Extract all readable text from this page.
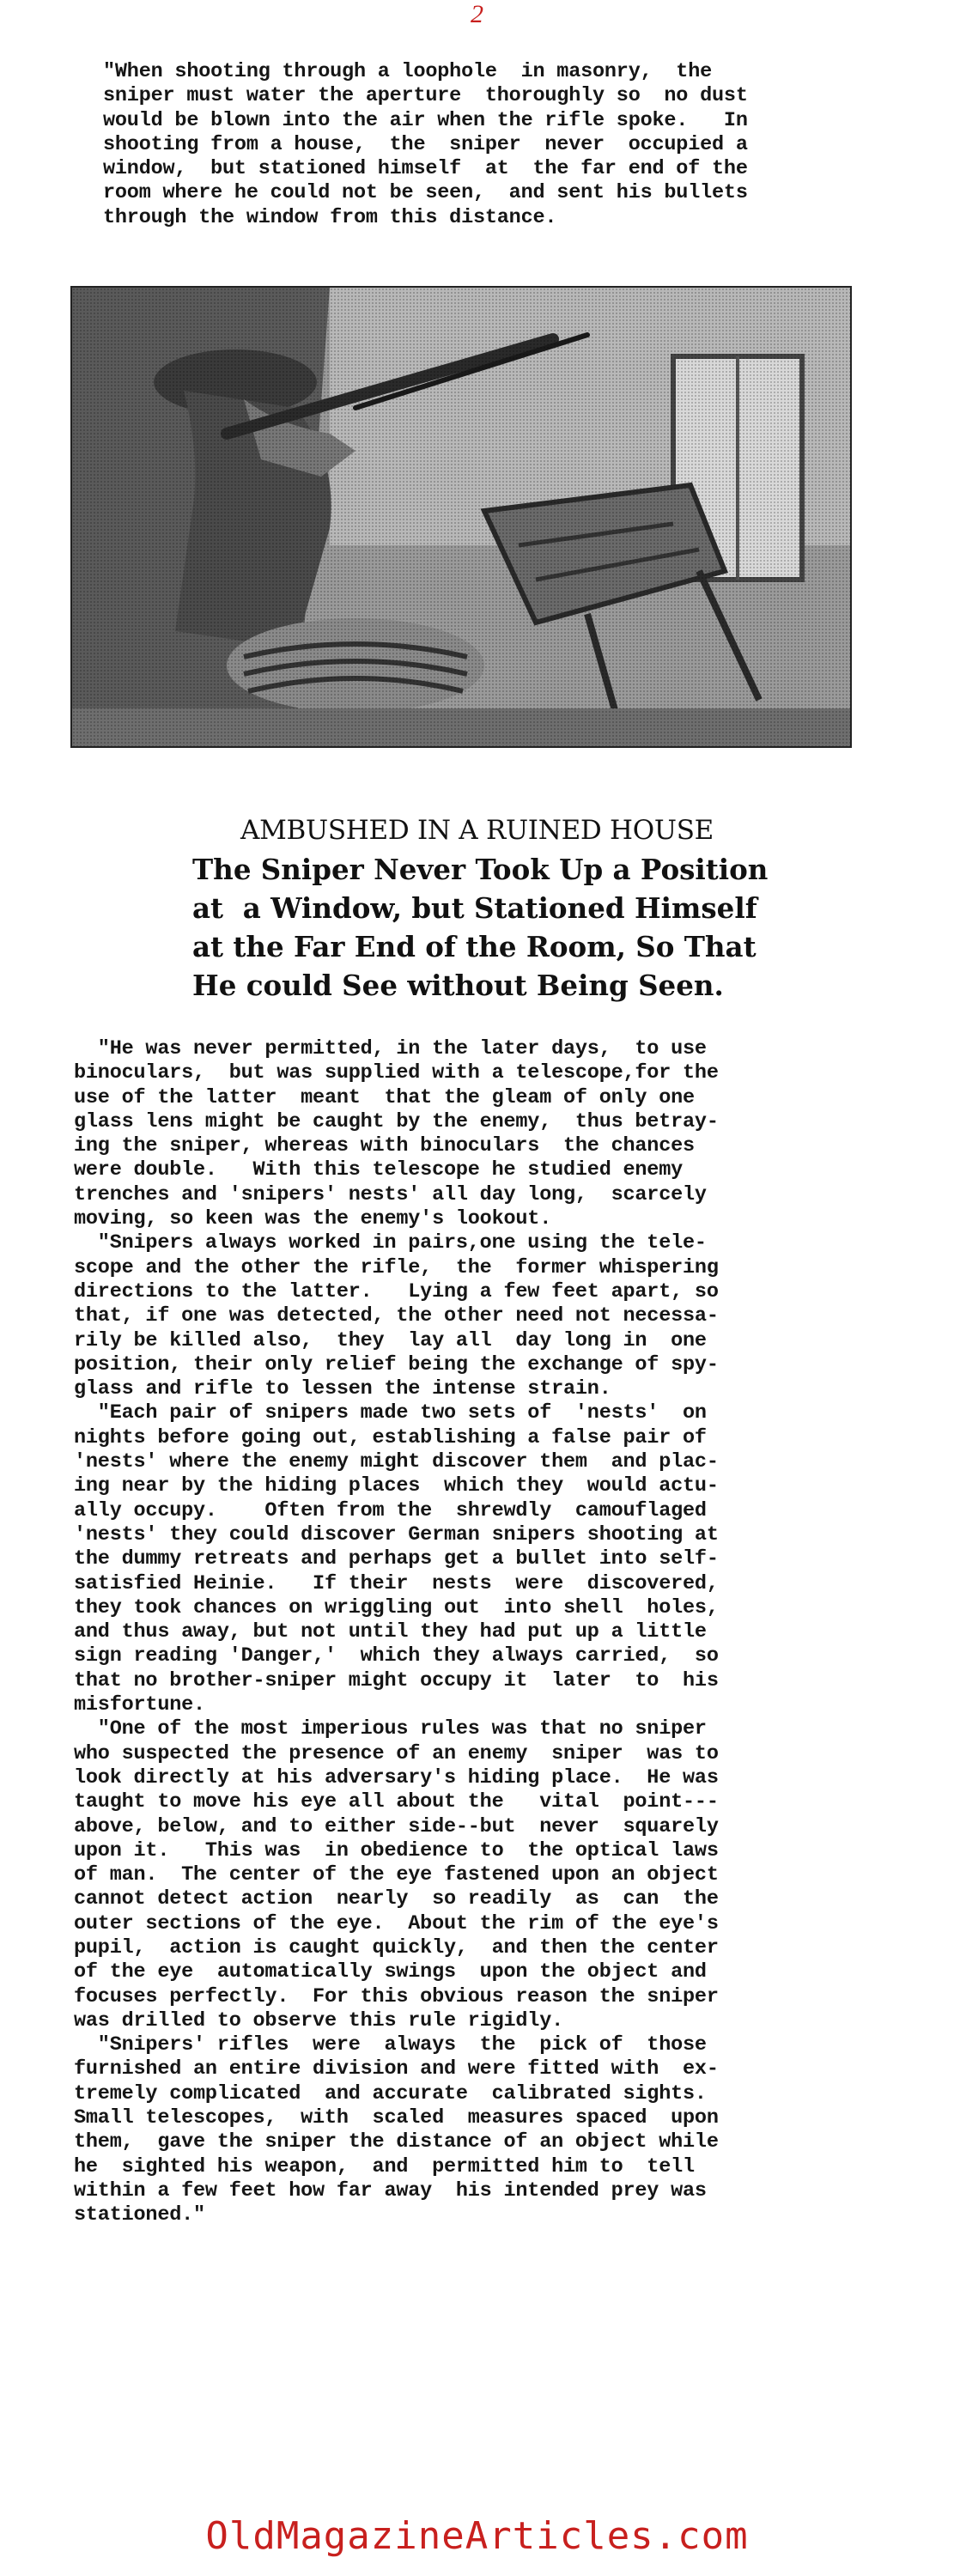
2
"When shooting through a loophole  in masonry,  the
sniper must water the aperture  thoroughly so  no dust
would be blown into the air when the rifle spoke.   In
shooting from a house,  the  sniper  never  occupied a
window,  but stationed himself  at  the far end of the
room where he could not be seen,  and sent his bullets
through the window from this distance.
AMBUSHED IN A RUINED HOUSE
The Sniper Never Took Up a Position
at  a Window, but Stationed Himself
at the Far End of the Room, So That
He could See without Being Seen.
"He was never permitted, in the later days,  to use
binoculars,  but was supplied with a telescope,for the
use of the latter  meant  that the gleam of only one
glass lens might be caught by the enemy,  thus betray-
ing the sniper, whereas with binoculars  the chances
were double.   With this telescope he studied enemy
trenches and 'snipers' nests' all day long,  scarcely
moving, so keen was the enemy's lookout.
"Snipers always worked in pairs,one using the tele-
scope and the other the rifle,  the  former whispering
directions to the latter.   Lying a few feet apart, so
that, if one was detected, the other need not necessa-
rily be killed also,  they  lay all  day long in  one
position, their only relief being the exchange of spy-
glass and rifle to lessen the intense strain.
"Each pair of snipers made two sets of  'nests'  on
nights before going out, establishing a false pair of
'nests' where the enemy might discover them  and plac-
ing near by the hiding places  which they  would actu-
ally occupy.    Often from the  shrewdly  camouflaged
'nests' they could discover German snipers shooting at
the dummy retreats and perhaps get a bullet into self-
satisfied Heinie.   If their  nests  were  discovered,
they took chances on wriggling out  into shell  holes,
and thus away, but not until they had put up a little
sign reading 'Danger,'  which they always carried,  so
that no brother-sniper might occupy it  later  to  his
misfortune.
"One of the most imperious rules was that no sniper
who suspected the presence of an enemy  sniper  was to
look directly at his adversary's hiding place.  He was
taught to move his eye all about the   vital  point---
above, below, and to either side--but  never  squarely
upon it.   This was  in obedience to  the optical laws
of man.  The center of the eye fastened upon an object
cannot detect action  nearly  so readily  as  can  the
outer sections of the eye.  About the rim of the eye's
pupil,  action is caught quickly,  and then the center
of the eye  automatically swings  upon the object and
focuses perfectly.  For this obvious reason the sniper
was drilled to observe this rule rigidly.
"Snipers' rifles  were  always  the  pick of  those
furnished an entire division and were fitted with  ex-
tremely complicated  and accurate  calibrated sights.
Small telescopes,  with  scaled  measures spaced  upon
them,  gave the sniper the distance of an object while
he  sighted his weapon,  and  permitted him to  tell
within a few feet how far away  his intended prey was
stationed."
OldMagazineArticles.com
